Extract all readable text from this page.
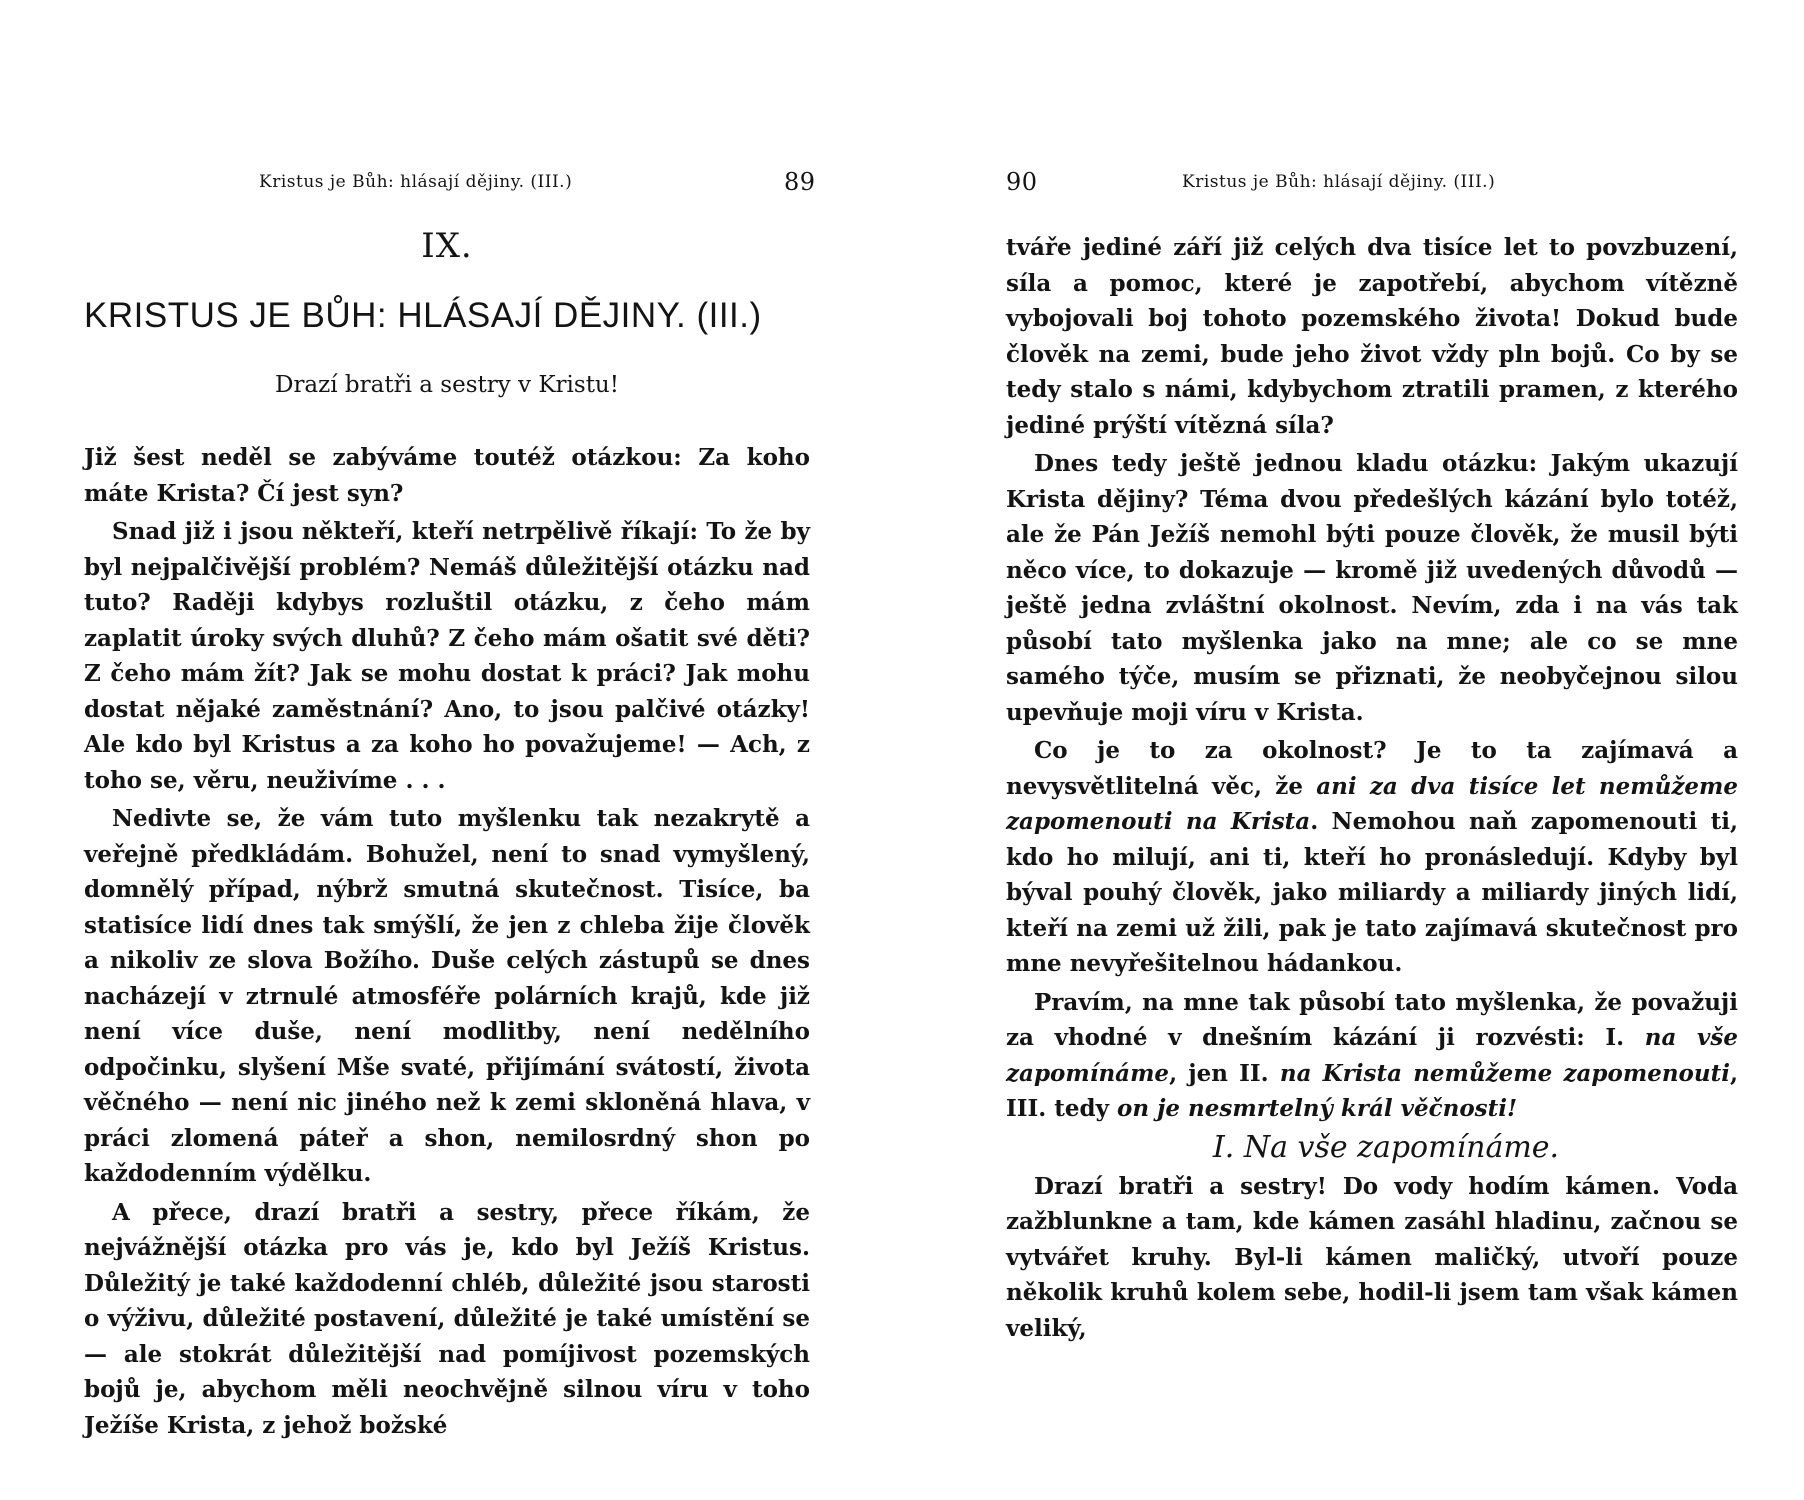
Kristus je Bůh: hlásají dějiny. (III.)	89
IX.
KRISTUS JE BŮH: HLÁSAJÍ DĚJINY. (III.)
Drazí bratři a sestry v Kristu!

Již šest neděl se zabýváme toutéž otázkou: Za koho máte Krista? Čí jest syn?

Snad již i jsou někteří, kteří netrpělivě říkají: To že by byl nejpalčivější problém? Nemáš důležitější otázku nad tuto? Raději kdybys rozluštil otázku, z čeho mám zaplatit úroky svých dluhů? Z čeho mám ošatit své děti? Z čeho mám žít? Jak se mohu dostat k práci? Jak mohu dostat nějaké zaměstnání? Ano, to jsou palčivé otázky! Ale kdo byl Kristus a za koho ho považujeme! — Ach, z toho se, věru, neuživíme . . .

Nedivte se, že vám tuto myšlenku tak nezakrytě a veřejně předkládám. Bohužel, není to snad vymyšlený, domnělý případ, nýbrž smutná skutečnost. Tisíce, ba statisíce lidí dnes tak smýšlí, že jen z chleba žije člověk a nikoliv ze slova Božího. Duše celých zástupů se dnes nacházejí v ztrnulé atmosféře polárních krajů, kde již není více duše, není modlitby, není nedělního odpočinku, slyšení Mše svaté, přijímání svátostí, života věčného — není nic jiného než k zemi skloněná hlava, v práci zlomená páteř a shon, nemilosrdný shon po každodenním výdělku.

A přece, drazí bratři a sestry, přece říkám, že nejvážnější otázka pro vás je, kdo byl Ježíš Kristus. Důležitý je také každodenní chléb, důležité jsou starosti o výživu, důležité postavení, důležité je také umístění se — ale stokrát důležitější nad pomíjivost pozemských bojů je, abychom měli neochvějně silnou víru v toho Ježíše Krista, z jehož božské

90	Kristus je Bůh: hlásají dějiny. (III.)

tváře jediné září již celých dva tisíce let to povzbuzení, síla a pomoc, které je zapotřebí, abychom vítězně vybojovali boj tohoto pozemského života! Dokud bude člověk na zemi, bude jeho život vždy pln bojů. Co by se tedy stalo s námi, kdybychom ztratili pramen, z kterého jediné prýští vítězná síla?

Dnes tedy ještě jednou kladu otázku: Jakým ukazují Krista dějiny? Téma dvou předešlých kázání bylo totéž, ale že Pán Ježíš nemohl býti pouze člověk, že musil býti něco více, to dokazuje — kromě již uvedených důvodů — ještě jedna zvláštní okolnost. Nevím, zda i na vás tak působí tato myšlenka jako na mne; ale co se mne samého týče, musím se přiznati, že neobyčejnou silou upevňuje moji víru v Krista.

Co je to za okolnost? Je to ta zajímavá a nevysvětlitelná věc, že ani za dva tisíce let nemůžeme zapomenouti na Krista. Nemohou naň zapomenouti ti, kdo ho milují, ani ti, kteří ho pronásledují. Kdyby byl býval pouhý člověk, jako miliardy a miliardy jiných lidí, kteří na zemi už žili, pak je tato zajímavá skutečnost pro mne nevyřešitelnou hádankou.

Pravím, na mne tak působí tato myšlenka, že považuji za vhodné v dnešním kázání ji rozvésti: I. na vše zapomínáme, jen II. na Krista nemůžeme zapomenouti, III. tedy on je nesmrtelný král věčnosti!

I. Na vše zapomínáme.

Drazí bratři a sestry! Do vody hodím kámen. Voda zažblunkne a tam, kde kámen zasáhl hladinu, začnou se vytvářet kruhy. Byl-li kámen maličký, utvoří pouze několik kruhů kolem sebe, hodil-li jsem tam však kámen veliký,
